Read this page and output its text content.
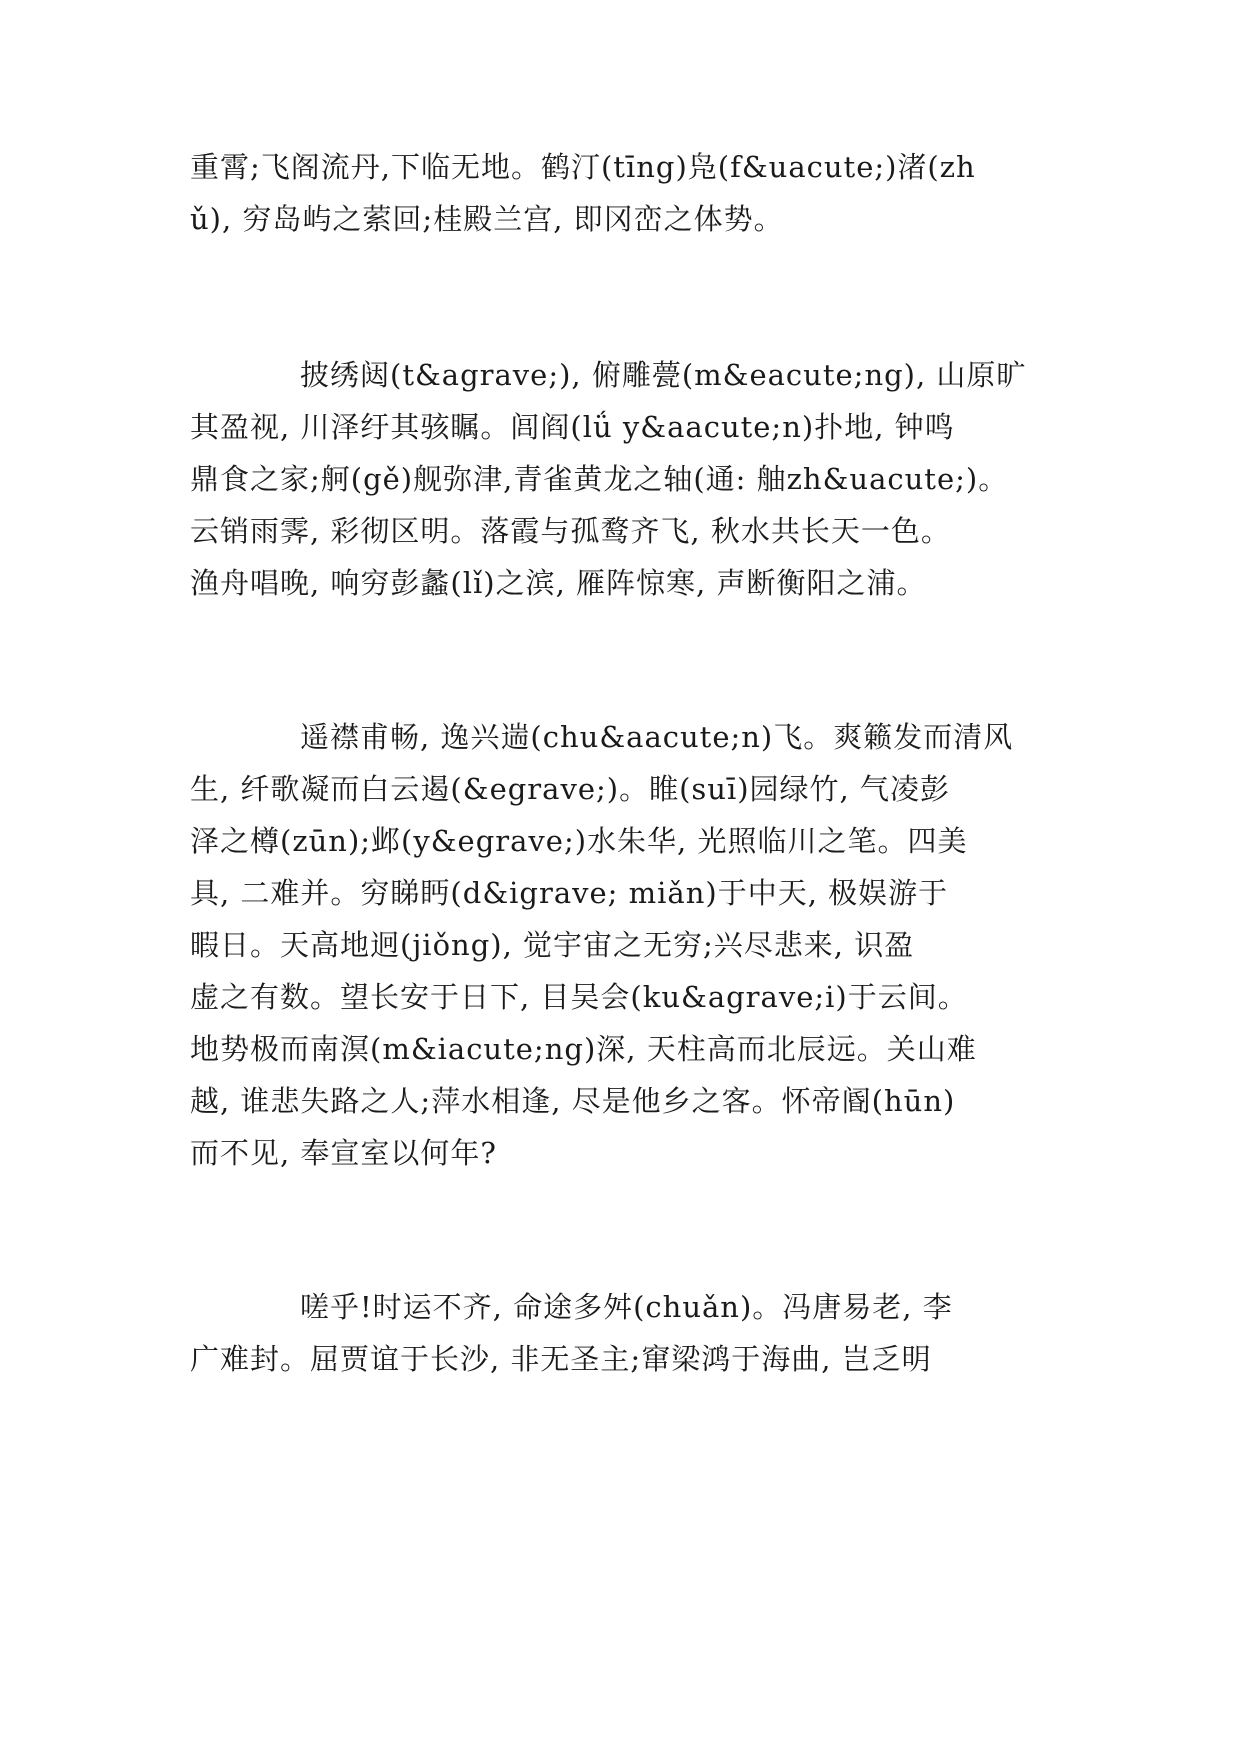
重霄;飞阁流丹,下临无地。鹤汀(tīng)凫(f&uacute;)渚(zh
ǔ), 穷岛屿之萦回;桂殿兰宫, 即冈峦之体势。
披绣闼(t&agrave;), 俯雕甍(m&eacute;ng), 山原旷
其盈视, 川泽纡其骇瞩。闾阎(lǘ y&aacute;n)扑地, 钟鸣
鼎食之家;舸(gě)舰弥津,青雀黄龙之轴(通: 舳zh&uacute;)。
云销雨霁, 彩彻区明。落霞与孤鹜齐飞, 秋水共长天一色。
渔舟唱晚, 响穷彭蠡(lǐ)之滨, 雁阵惊寒, 声断衡阳之浦。
遥襟甫畅, 逸兴遄(chu&aacute;n)飞。爽籁发而清风
生, 纤歌凝而白云遏(&egrave;)。睢(suī)园绿竹, 气凌彭
泽之樽(zūn);邺(y&egrave;)水朱华, 光照临川之笔。四美
具, 二难并。穷睇眄(d&igrave; miǎn)于中天, 极娱游于
暇日。天高地迥(jiǒng), 觉宇宙之无穷;兴尽悲来, 识盈
虚之有数。望长安于日下, 目吴会(ku&agrave;i)于云间。
地势极而南溟(m&iacute;ng)深, 天柱高而北辰远。关山难
越, 谁悲失路之人;萍水相逢, 尽是他乡之客。怀帝阍(hūn)
而不见, 奉宣室以何年?
嗟乎!时运不齐, 命途多舛(chuǎn)。冯唐易老, 李
广难封。屈贾谊于长沙, 非无圣主;窜梁鸿于海曲, 岂乏明
